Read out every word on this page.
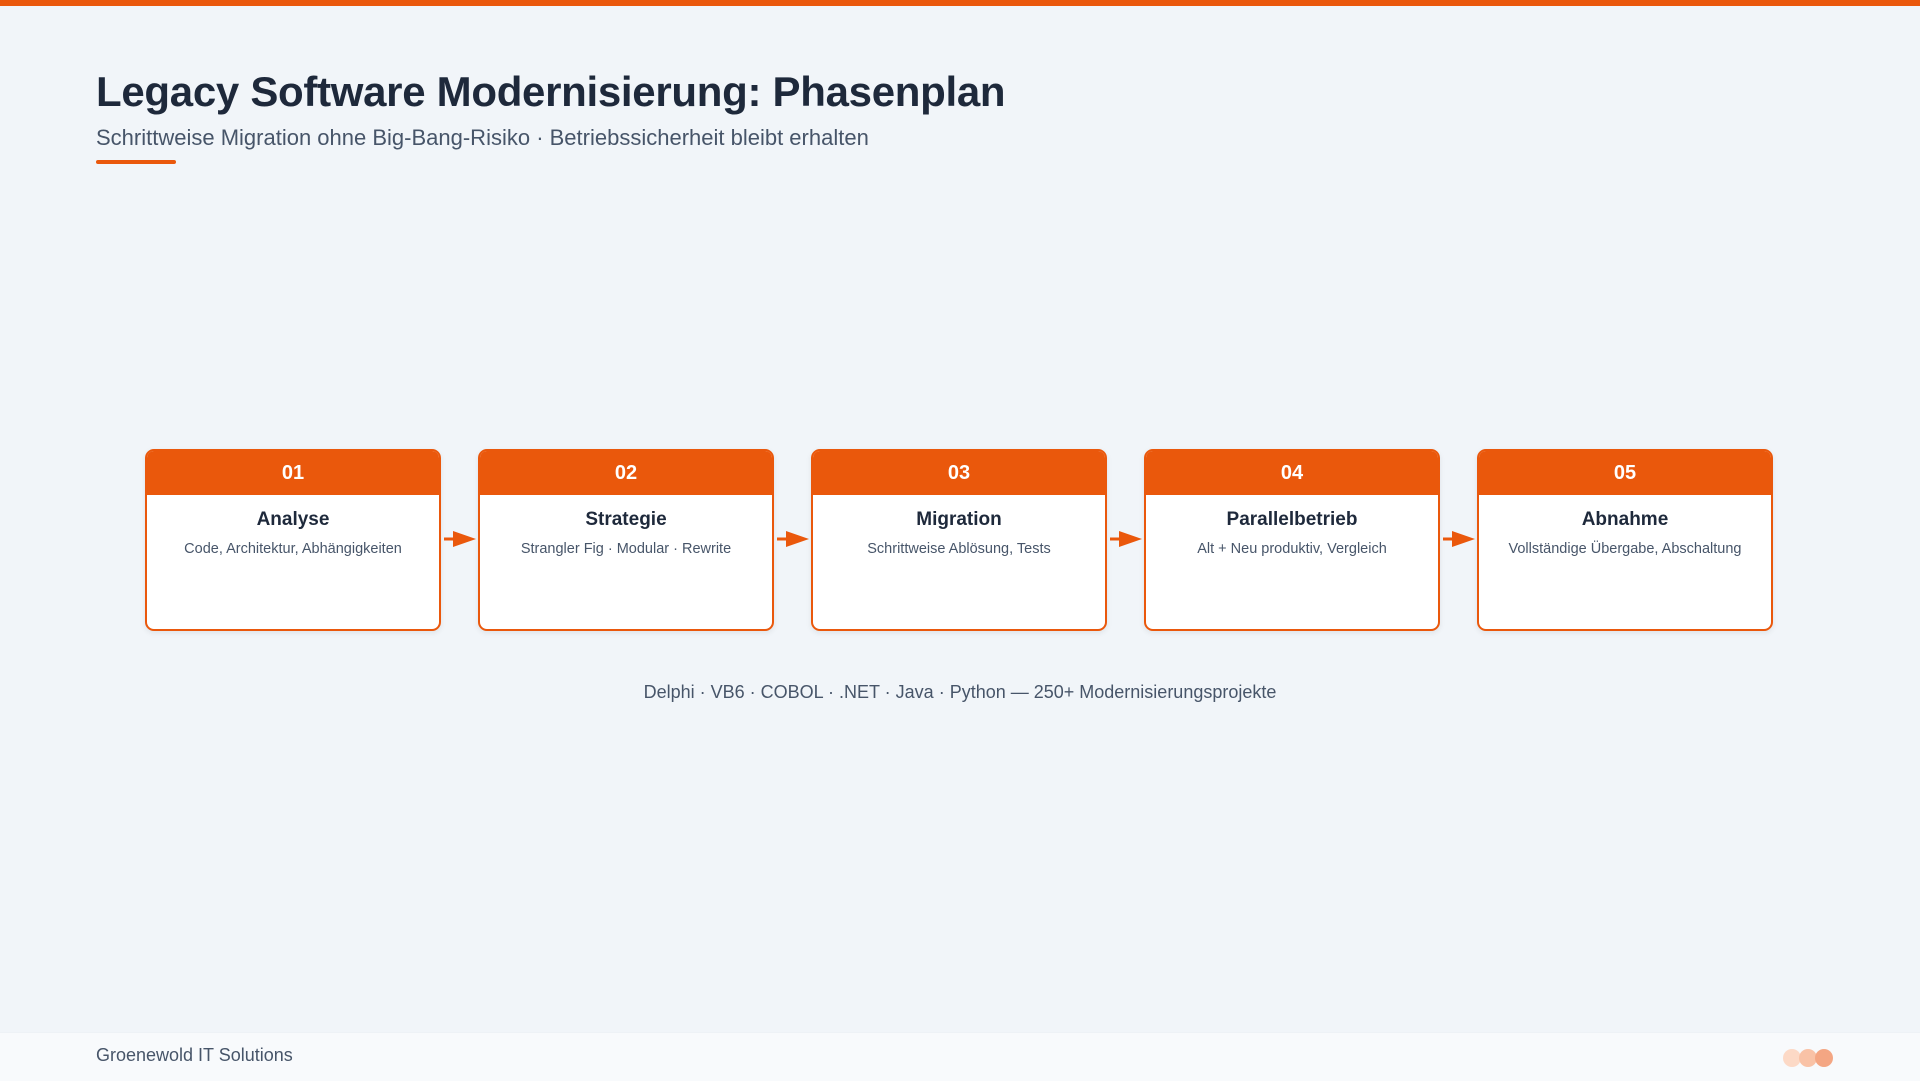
Legacy Software Modernisierung: Phasenplan
Schrittweise Migration ohne Big-Bang-Risiko · Betriebssicherheit bleibt erhalten
01
Analyse
Code, Architektur, Abhängigkeiten
02
Strategie
Strangler Fig · Modular · Rewrite
03
Migration
Schrittweise Ablösung, Tests
04
Parallelbetrieb
Alt + Neu produktiv, Vergleich
05
Abnahme
Vollständige Übergabe, Abschaltung
Delphi · VB6 · COBOL · .NET · Java · Python — 250+ Modernisierungsprojekte
Groenewold IT Solutions
